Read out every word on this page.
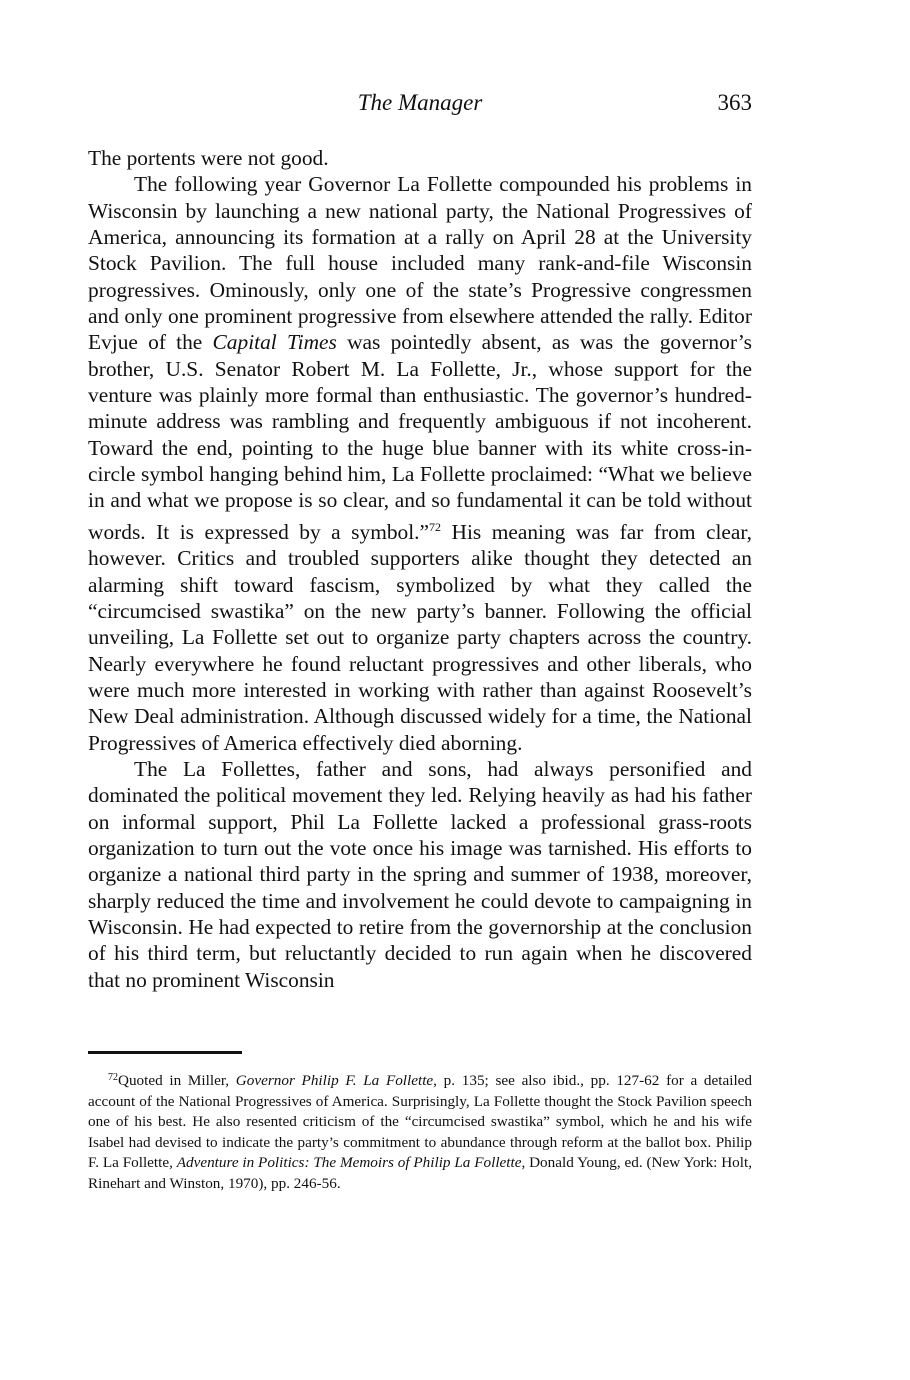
The Manager	363

The portents were not good.

The following year Governor La Follette compounded his problems in Wisconsin by launching a new national party, the National Progressives of America, announcing its formation at a rally on April 28 at the University Stock Pavilion. The full house included many rank-and-file Wisconsin progressives. Ominously, only one of the state’s Progressive congressmen and only one prominent progressive from elsewhere attended the rally. Editor Evjue of the Capital Times was pointedly absent, as was the governor’s brother, U.S. Senator Robert M. La Follette, Jr., whose support for the venture was plainly more formal than enthusiastic. The governor’s hundred-minute address was rambling and frequently ambiguous if not incoherent. Toward the end, pointing to the huge blue banner with its white cross-in-circle symbol hanging behind him, La Follette proclaimed: “What we believe in and what we propose is so clear, and so fundamental it can be told without words. It is expressed by a symbol.”$^{72}$ His meaning was far from clear, however. Critics and troubled supporters alike thought they detected an alarming shift toward fascism, symbolized by what they called the “circumcised swastika” on the new party’s banner. Following the official unveiling, La Follette set out to organize party chapters across the country. Nearly everywhere he found reluctant progressives and other liberals, who were much more interested in working with rather than against Roosevelt’s New Deal administration. Although discussed widely for a time, the National Progressives of America effectively died aborning.

The La Follettes, father and sons, had always personified and dominated the political movement they led. Relying heavily as had his father on informal support, Phil La Follette lacked a professional grass-roots organization to turn out the vote once his image was tarnished. His efforts to organize a national third party in the spring and summer of 1938, moreover, sharply reduced the time and involvement he could devote to campaigning in Wisconsin. He had expected to retire from the governorship at the conclusion of his third term, but reluctantly decided to run again when he discovered that no prominent Wisconsin

$^{72}$Quoted in Miller, Governor Philip F. La Follette, p. 135; see also ibid., pp. 127-62 for a detailed account of the National Progressives of America. Surprisingly, La Follette thought the Stock Pavilion speech one of his best. He also resented criticism of the “circumcised swastika” symbol, which he and his wife Isabel had devised to indicate the party’s commitment to abundance through reform at the ballot box. Philip F. La Follette, Adventure in Politics: The Memoirs of Philip La Follette, Donald Young, ed. (New York: Holt, Rinehart and Winston, 1970), pp. 246-56.
